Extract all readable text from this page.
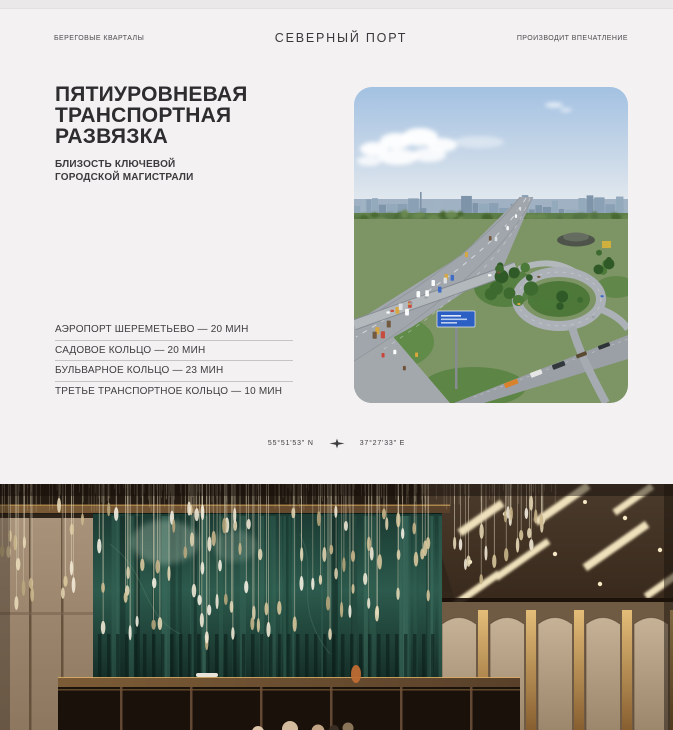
БЕРЕГОВЫЕ КВАРТАЛЫ	СЕВЕРНЫЙ ПОРТ	ПРОИЗВОДИТ ВПЕЧАТЛЕНИЕ
ПЯТИУРОВНЕВАЯ
ТРАНСПОРТНАЯ
РАЗВЯЗКА

БЛИЗОСТЬ КЛЮЧЕВОЙ
ГОРОДСКОЙ МАГИСТРАЛИ

АЭРОПОРТ ШЕРЕМЕТЬЕВО — 20 МИН
САДОВОЕ КОЛЬЦО — 20 МИН
БУЛЬВАРНОЕ КОЛЬЦО — 23 МИН
ТРЕТЬЕ ТРАНСПОРТНОЕ КОЛЬЦО — 10 МИН
55°51'53" N	37°27'33" E
